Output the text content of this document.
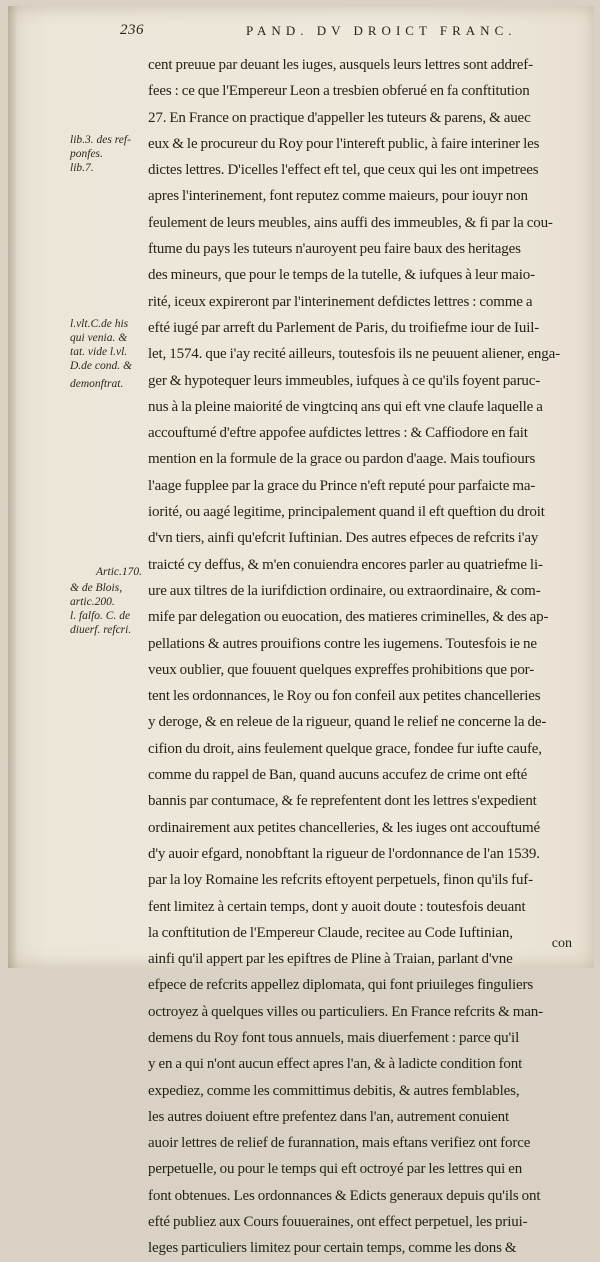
236	PAND. DV DROICT FRANC.
lib.3. des ref-
ponfes.
lib.7.
l.vlt.C.de his
qui venia. &
tat. vide l.vl.
D.de cond. &
demonftrat.
Artic.170.
& de Blois,
artic.200.
l. falfo. C. de
diuerf. refcri.
cent preuue par deuant les iuges, ausquels leurs lettres sont addref-
fees : ce que l'Empereur Leon a tresbien obferué en fa conftitution
27. En France on practique d'appeller les tuteurs & parens, & auec
eux & le procureur du Roy pour l'intereft public, à faire interiner les
dictes lettres. D'icelles l'effect eft tel, que ceux qui les ont impetrees
apres l'interinement, font reputez comme maieurs, pour iouyr non
feulement de leurs meubles, ains auffi des immeubles, & fi par la cou-
ftume du pays les tuteurs n'auroyent peu faire baux des heritages
des mineurs, que pour le temps de la tutelle, & iufques à leur maio-
rité, iceux expireront par l'interinement defdictes lettres : comme a
efté iugé par arreft du Parlement de Paris, du troifiefme iour de Iuil-
let, 1574. que i'ay recité ailleurs, toutesfois ils ne peuuent aliener, enga-
ger & hypotequer leurs immeubles, iufques à ce qu'ils foyent paruc-
nus à la pleine maiorité de vingtcinq ans qui eft vne claufe laquelle a
accouftumé d'eftre appofee aufdictes lettres : & Caffiodore en fait
mention en la formule de la grace ou pardon d'aage. Mais toufiours
l'aage fupplee par la grace du Prince n'eft reputé pour parfaicte ma-
iorité, ou aagé legitime, principalement quand il eft queftion du droit
d'vn tiers, ainfi qu'efcrit Iuftinian. Des autres efpeces de refcrits i'ay
traicté cy deffus, & m'en conuiendra encores parler au quatriefme li-
ure aux tiltres de la iurifdiction ordinaire, ou extraordinaire, & com-
mife par delegation ou euocation, des matieres criminelles, & des ap-
pellations & autres prouifions contre les iugemens. Toutesfois ie ne
veux oublier, que fouuent quelques expreffes prohibitions que por-
tent les ordonnances, le Roy ou fon confeil aux petites chancelleries
y deroge, & en releue de la rigueur, quand le relief ne concerne la de-
cifion du droit, ains feulement quelque grace, fondee fur iufte caufe,
comme du rappel de Ban, quand aucuns accufez de crime ont efté
bannis par contumace, & fe reprefentent dont les lettres s'expedient
ordinairement aux petites chancelleries, & les iuges ont accouftumé
d'y auoir efgard, nonobftant la rigueur de l'ordonnance de l'an 1539.
par la loy Romaine les refcrits eftoyent perpetuels, finon qu'ils fuf-
fent limitez à certain temps, dont y auoit doute : toutesfois deuant
la conftitution de l'Empereur Claude, recitee au Code Iuftinian,
ainfi qu'il appert par les epiftres de Pline à Traian, parlant d'vne
efpece de refcrits appellez diplomata, qui font priuileges finguliers
octroyez à quelques villes ou particuliers. En France refcrits & man-
demens du Roy font tous annuels, mais diuerfement : parce qu'il
y en a qui n'ont aucun effect apres l'an, & à ladicte condition font
expediez, comme les committimus debitis, & autres femblables,
les autres doiuent eftre prefentez dans l'an, autrement conuient
auoir lettres de relief de furannation, mais eftans verifiez ont force
perpetuelle, ou pour le temps qui eft octroyé par les lettres qui en
font obtenues. Les ordonnances & Edicts generaux depuis qu'ils ont
efté publiez aux Cours fouueraines, ont effect perpetuel, les priui-
leges particuliers limitez pour certain temps, comme les dons &
con
